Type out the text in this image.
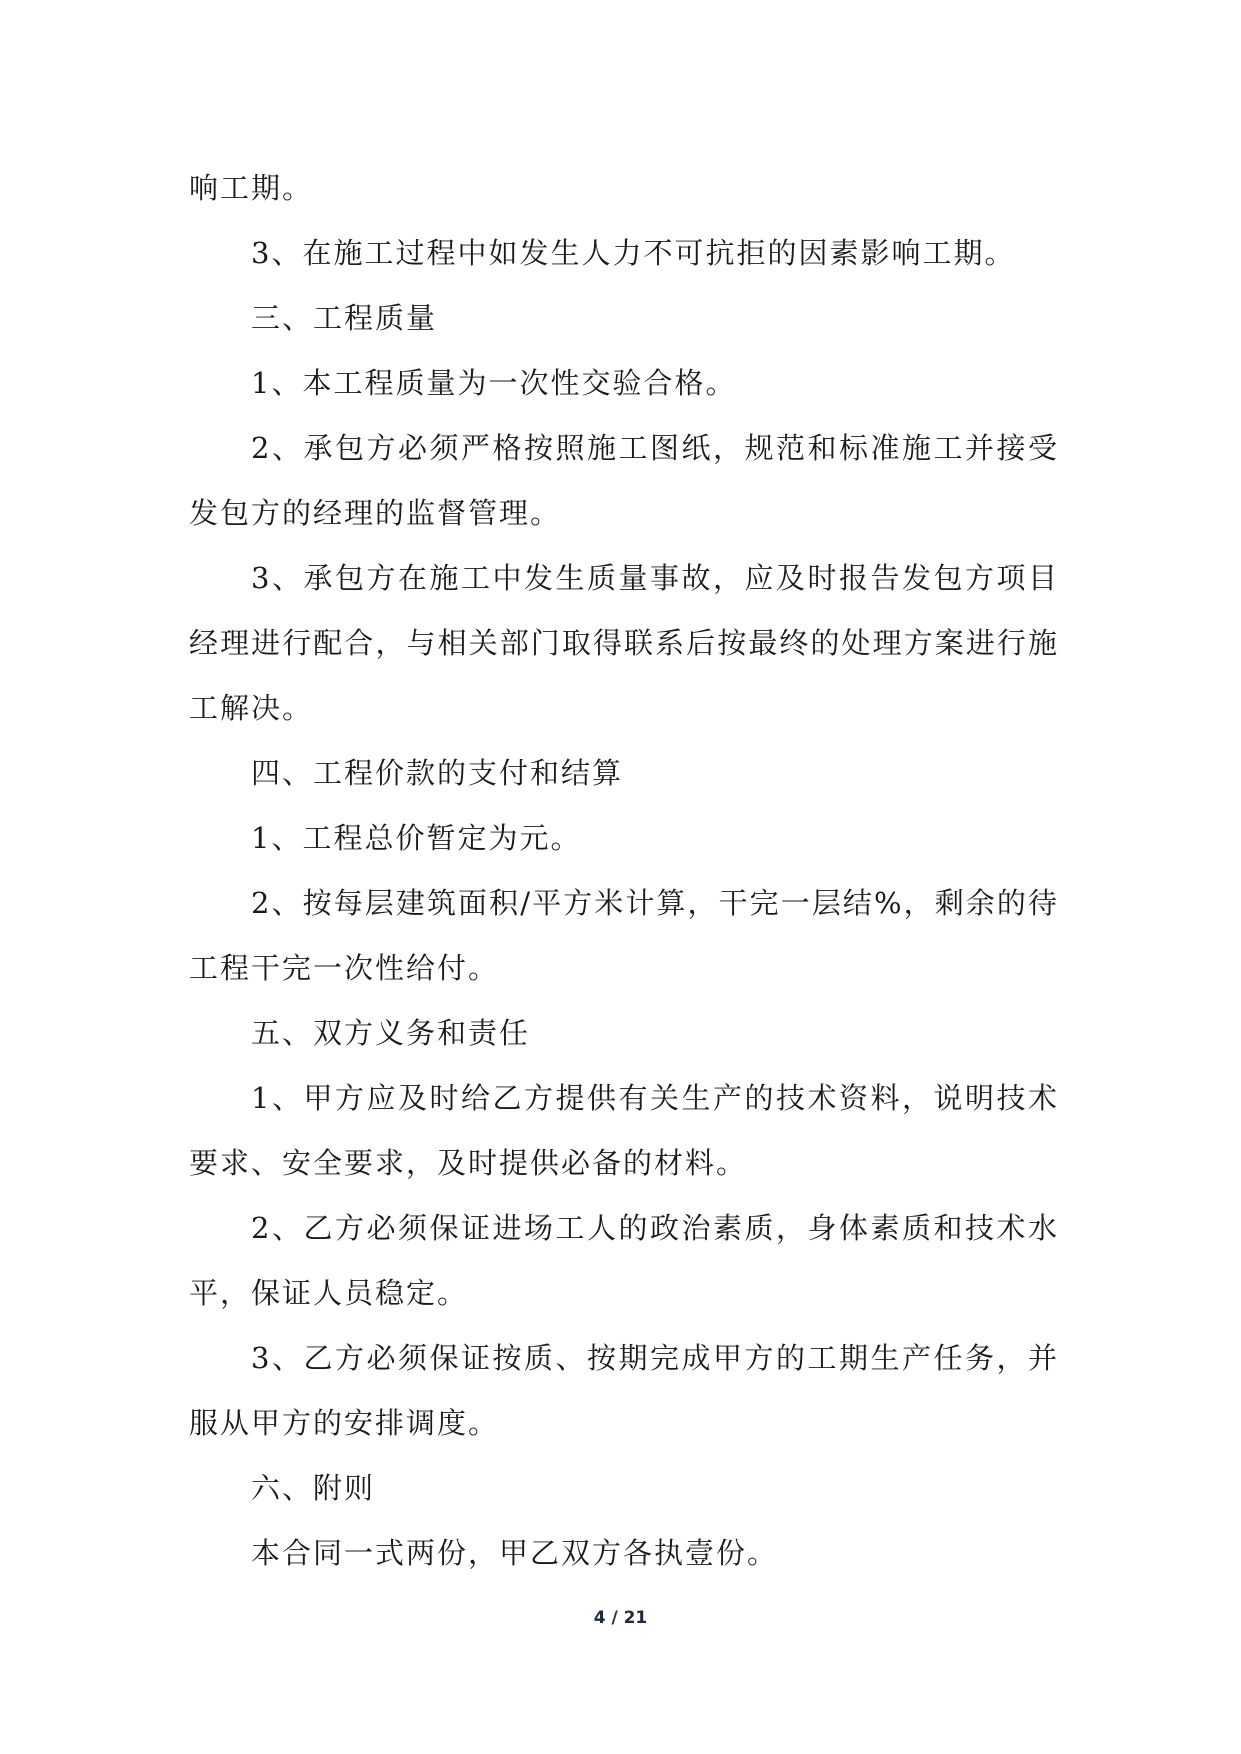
响工期。

3、在施工过程中如发生人力不可抗拒的因素影响工期。

三、工程质量

1、本工程质量为一次性交验合格。

2、承包方必须严格按照施工图纸，规范和标准施工并接受发包方的经理的监督管理。

3、承包方在施工中发生质量事故，应及时报告发包方项目经理进行配合，与相关部门取得联系后按最终的处理方案进行施工解决。

四、工程价款的支付和结算

1、工程总价暂定为元。

2、按每层建筑面积/平方米计算，干完一层结%，剩余的待工程干完一次性给付。

五、双方义务和责任

1、甲方应及时给乙方提供有关生产的技术资料，说明技术要求、安全要求，及时提供必备的材料。

2、乙方必须保证进场工人的政治素质，身体素质和技术水平，保证人员稳定。

3、乙方必须保证按质、按期完成甲方的工期生产任务，并服从甲方的安排调度。

六、附则

本合同一式两份，甲乙双方各执壹份。

4 / 21
